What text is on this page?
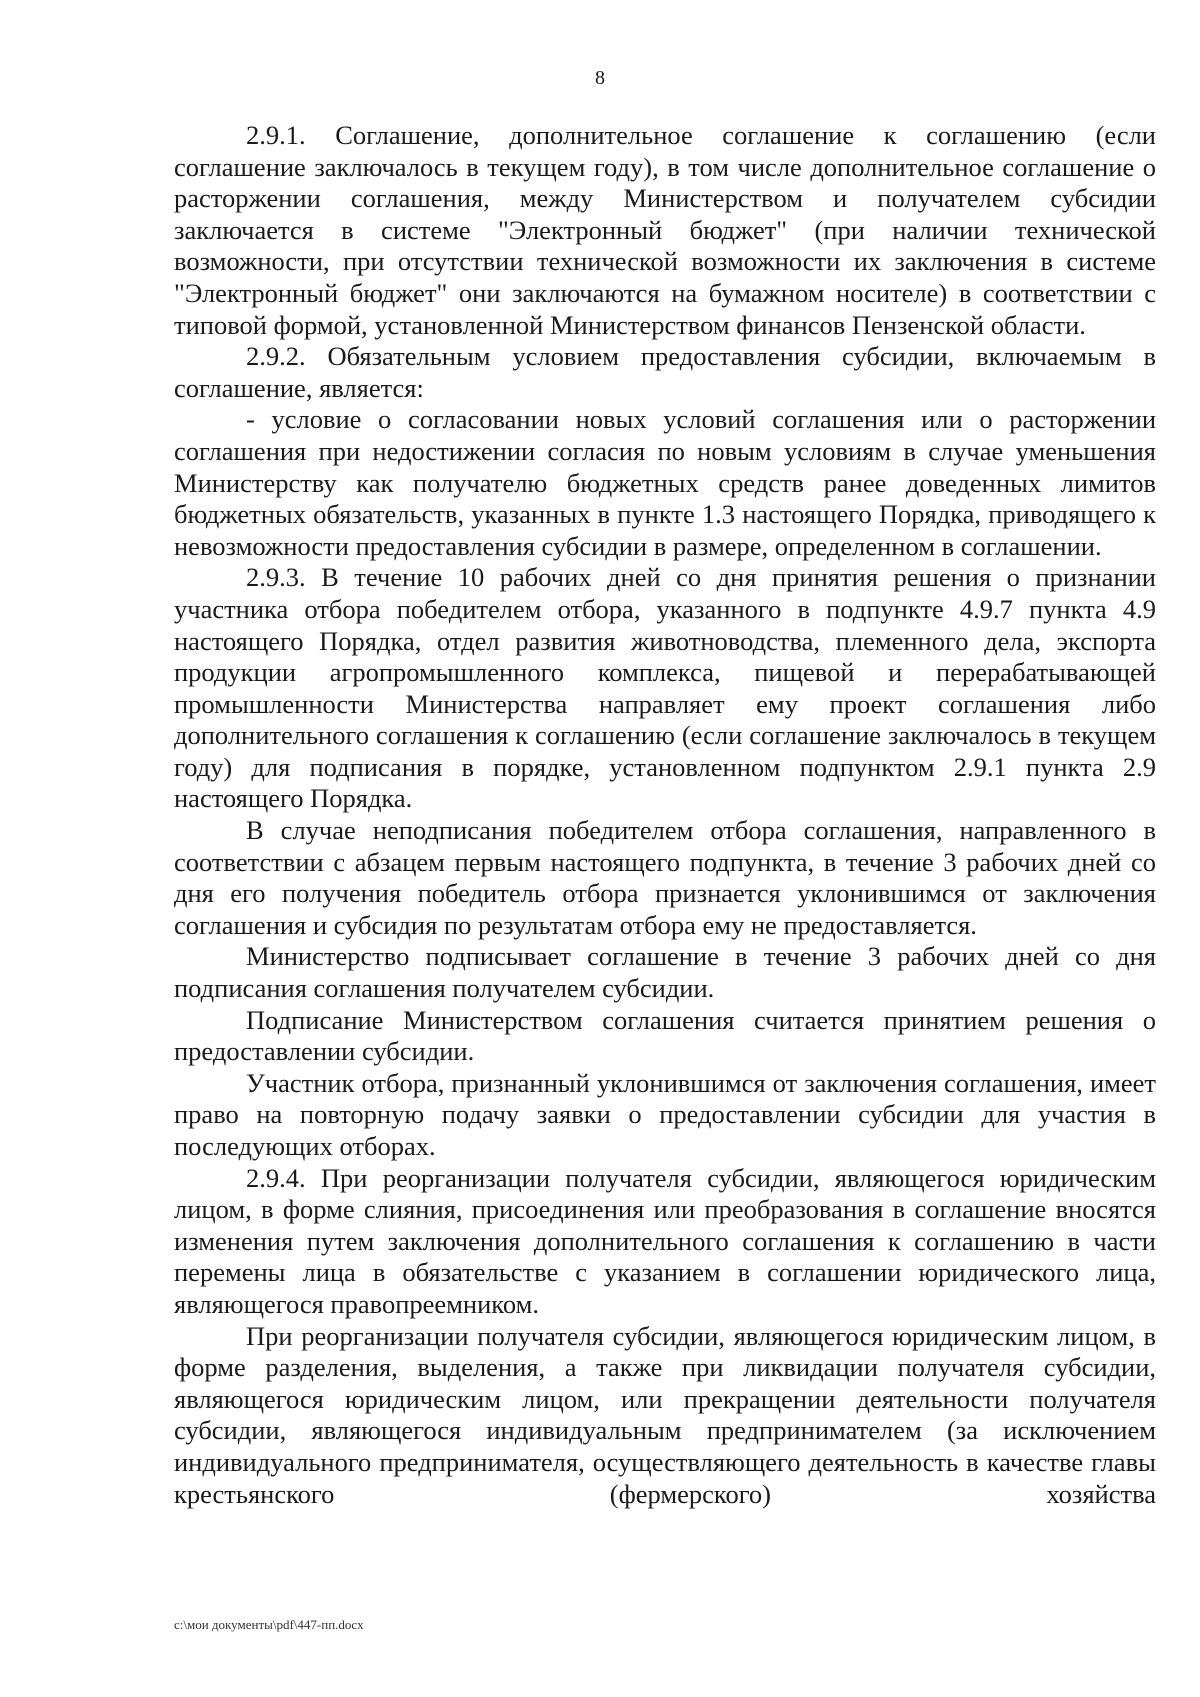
8

2.9.1. Соглашение, дополнительное соглашение к соглашению (если соглашение заключалось в текущем году), в том числе дополнительное соглашение о расторжении соглашения, между Министерством и получателем субсидии заключается в системе "Электронный бюджет" (при наличии технической возможности, при отсутствии технической возможности их заключения в системе "Электронный бюджет" они заключаются на бумажном носителе) в соответствии с типовой формой, установленной Министерством финансов Пензенской области.

2.9.2. Обязательным условием предоставления субсидии, включаемым в соглашение, является:

- условие о согласовании новых условий соглашения или о расторжении соглашения при недостижении согласия по новым условиям в случае уменьшения Министерству как получателю бюджетных средств ранее доведенных лимитов бюджетных обязательств, указанных в пункте 1.3 настоящего Порядка, приводящего к невозможности предоставления субсидии в размере, определенном в соглашении.

2.9.3. В течение 10 рабочих дней со дня принятия решения о признании участника отбора победителем отбора, указанного в подпункте 4.9.7 пункта 4.9 настоящего Порядка, отдел развития животноводства, племенного дела, экспорта продукции агропромышленного комплекса, пищевой и перерабатывающей промышленности Министерства направляет ему проект соглашения либо дополнительного соглашения к соглашению (если соглашение заключалось в текущем году) для подписания в порядке, установленном подпунктом 2.9.1 пункта 2.9 настоящего Порядка.

В случае неподписания победителем отбора соглашения, направленного в соответствии с абзацем первым настоящего подпункта, в течение 3 рабочих дней со дня его получения победитель отбора признается уклонившимся от заключения соглашения и субсидия по результатам отбора ему не предоставляется.

Министерство подписывает соглашение в течение 3 рабочих дней со дня подписания соглашения получателем субсидии.

Подписание Министерством соглашения считается принятием решения о предоставлении субсидии.

Участник отбора, признанный уклонившимся от заключения соглашения, имеет право на повторную подачу заявки о предоставлении субсидии для участия в последующих отборах.

2.9.4. При реорганизации получателя субсидии, являющегося юридическим лицом, в форме слияния, присоединения или преобразования в соглашение вносятся изменения путем заключения дополнительного соглашения к соглашению в части перемены лица в обязательстве с указанием в соглашении юридического лица, являющегося правопреемником.

При реорганизации получателя субсидии, являющегося юридическим лицом, в форме разделения, выделения, а также при ликвидации получателя субсидии, являющегося юридическим лицом, или прекращении деятельности получателя субсидии, являющегося индивидуальным предпринимателем (за исключением индивидуального предпринимателя, осуществляющего деятельность в качестве главы крестьянского (фермерского) хозяйства

c:\мои документы\pdf\447-пп.docx
